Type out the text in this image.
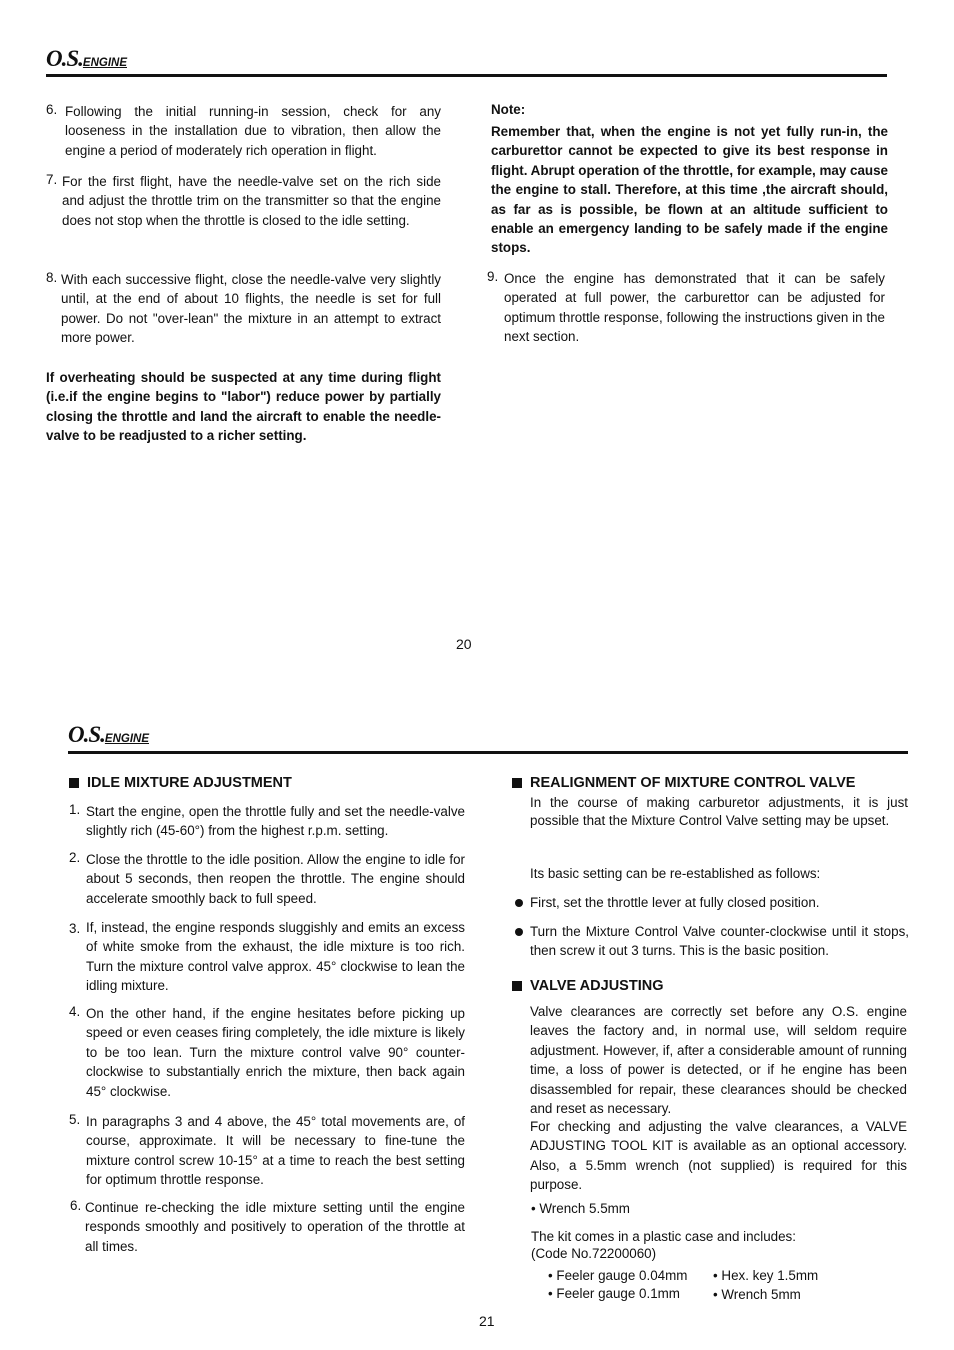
O.S.ENGINE
6. Following the initial running-in session, check for any looseness in the installation due to vibration, then allow the engine a period of moderately rich operation in flight.
7. For the first flight, have the needle-valve set on the rich side and adjust the throttle trim on the transmitter so that the engine does not stop when the throttle is closed to the idle setting.
8. With each successive flight, close the needle-valve very slightly until, at the end of about 10 flights, the needle is set for full power. Do not "over-lean" the mixture in an attempt to extract more power.
If overheating should be suspected at any time during flight (i.e.if the engine begins to "labor") reduce power by partially closing the throttle and land the aircraft to enable the needle-valve to be readjusted to a richer setting.
Note:
Remember that, when the engine is not yet fully run-in, the carburettor cannot be expected to give its best response in flight. Abrupt operation of the throttle, for example, may cause the engine to stall. Therefore, at this time ,the aircraft should, as far as is possible, be flown at an altitude sufficient to enable an emergency landing to be safely made if the engine stops.
9. Once the engine has demonstrated that it can be safely operated at full power, the carburettor can be adjusted for optimum throttle response, following the instructions given in the next section.
20
O.S.ENGINE
IDLE MIXTURE ADJUSTMENT
1. Start the engine, open the throttle fully and set the needle-valve slightly rich (45-60°) from the highest r.p.m. setting.
2. Close the throttle to the idle position. Allow the engine to idle for about 5 seconds, then reopen the throttle. The engine should accelerate smoothly back to full speed.
3. If, instead, the engine responds sluggishly and emits an excess of white smoke from the exhaust, the idle mixture is too rich. Turn the mixture control valve approx. 45° clockwise to lean the idling mixture.
4. On the other hand, if the engine hesitates before picking up speed or even ceases firing completely, the idle mixture is likely to be too lean. Turn the mixture control valve 90° counter-clockwise to substantially enrich the mixture, then back again 45° clockwise.
5. In paragraphs 3 and 4 above, the 45° total movements are, of course, approximate. It will be necessary to fine-tune the mixture control screw 10-15° at a time to reach the best setting for optimum throttle response.
6. Continue re-checking the idle mixture setting until the engine responds smoothly and positively to operation of the throttle at all times.
REALIGNMENT OF MIXTURE CONTROL VALVE
In the course of making carburetor adjustments, it is just possible that the Mixture Control Valve setting may be upset.
Its basic setting can be re-established as follows:
First, set the throttle lever at fully closed position.
Turn the Mixture Control Valve counter-clockwise until it stops, then screw it out 3 turns. This is the basic position.
VALVE ADJUSTING
Valve clearances are correctly set before any O.S. engine leaves the factory and, in normal use, will seldom require adjustment. However, if, after a considerable amount of running time, a loss of power is detected, or if he engine has been disassembled for repair, these clearances should be checked and reset as necessary.
For checking and adjusting the valve clearances, a VALVE ADJUSTING TOOL KIT is available as an optional accessory. Also, a 5.5mm wrench (not supplied) is required for this purpose.
• Wrench 5.5mm
The kit comes in a plastic case and includes:
(Code No.72200060)
• Feeler gauge 0.04mm • Hex. key 1.5mm
• Feeler gauge 0.1mm • Wrench 5mm
21
